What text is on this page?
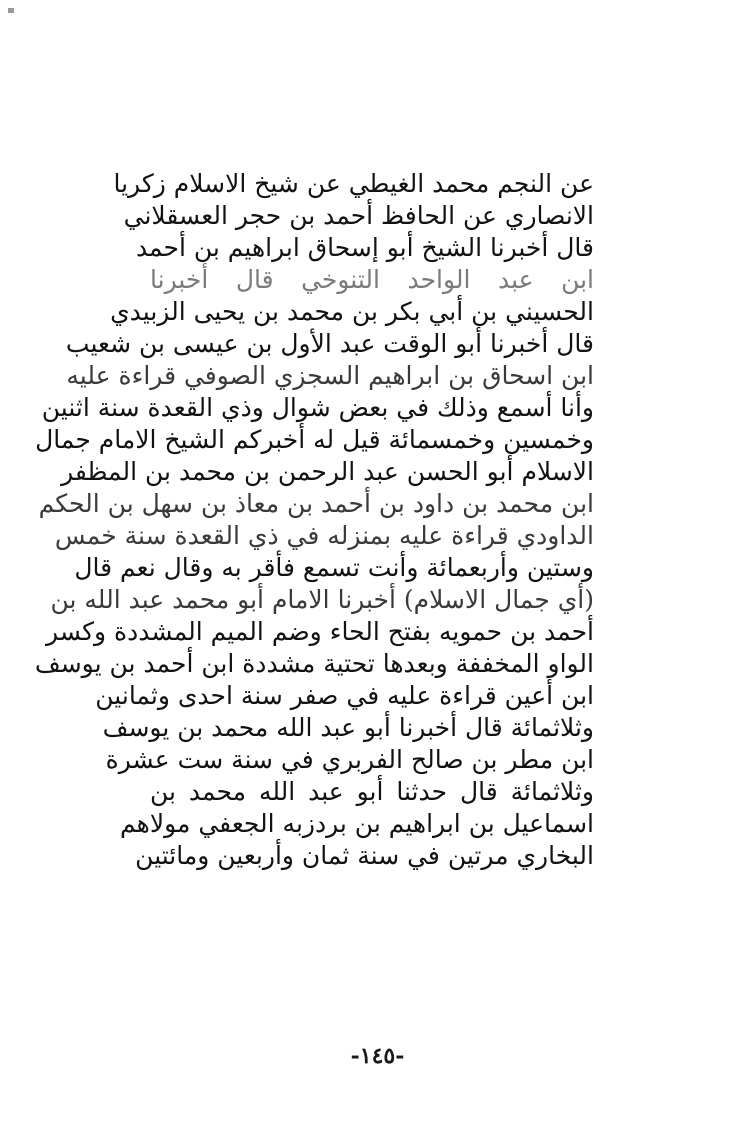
عن النجم محمد الغيطي عن شيخ الاسلام زكريا
الانصاري عن الحافظ أحمد بن حجر العسقلاني
قال أخبرنا الشيخ أبو إسحاق ابراهيم بن أحمد
ابن عبد الواحد التنوخي قال أخبرنا
الحسيني بن أبي بكر بن محمد بن يحيى الزبيدي
قال أخبرنا أبو الوقت عبد الأول بن عيسى بن شعيب
ابن اسحاق بن ابراهيم السجزي الصوفي قراءة عليه
وأنا أسمع وذلك في بعض شوال وذي القعدة سنة اثنين
وخمسين وخمسمائة قيل له أخبركم الشيخ الامام جمال
الاسلام أبو الحسن عبد الرحمن بن محمد بن المظفر
ابن محمد بن داود بن أحمد بن معاذ بن سهل بن الحكم
الداودي قراءة عليه بمنزله في ذي القعدة سنة خمس
وستين وأربعمائة وأنت تسمع فأقر به وقال نعم قال
(أي جمال الاسلام) أخبرنا الامام أبو محمد عبد الله بن
أحمد بن حمويه بفتح الحاء وضم الميم المشددة وكسر
الواو المخففة وبعدها تحتية مشددة ابن أحمد بن يوسف
ابن أعين قراءة عليه في صفر سنة احدى وثمانين
وثلاثمائة قال أخبرنا أبو عبد الله محمد بن يوسف
ابن مطر بن صالح الفربري في سنة ست عشرة
وثلاثمائة قال حدثنا أبو عبد الله محمد بن
اسماعيل بن ابراهيم بن بردزبه الجعفي مولاهم
البخاري مرتين في سنة ثمان وأربعين ومائتين
-١٤٥-
